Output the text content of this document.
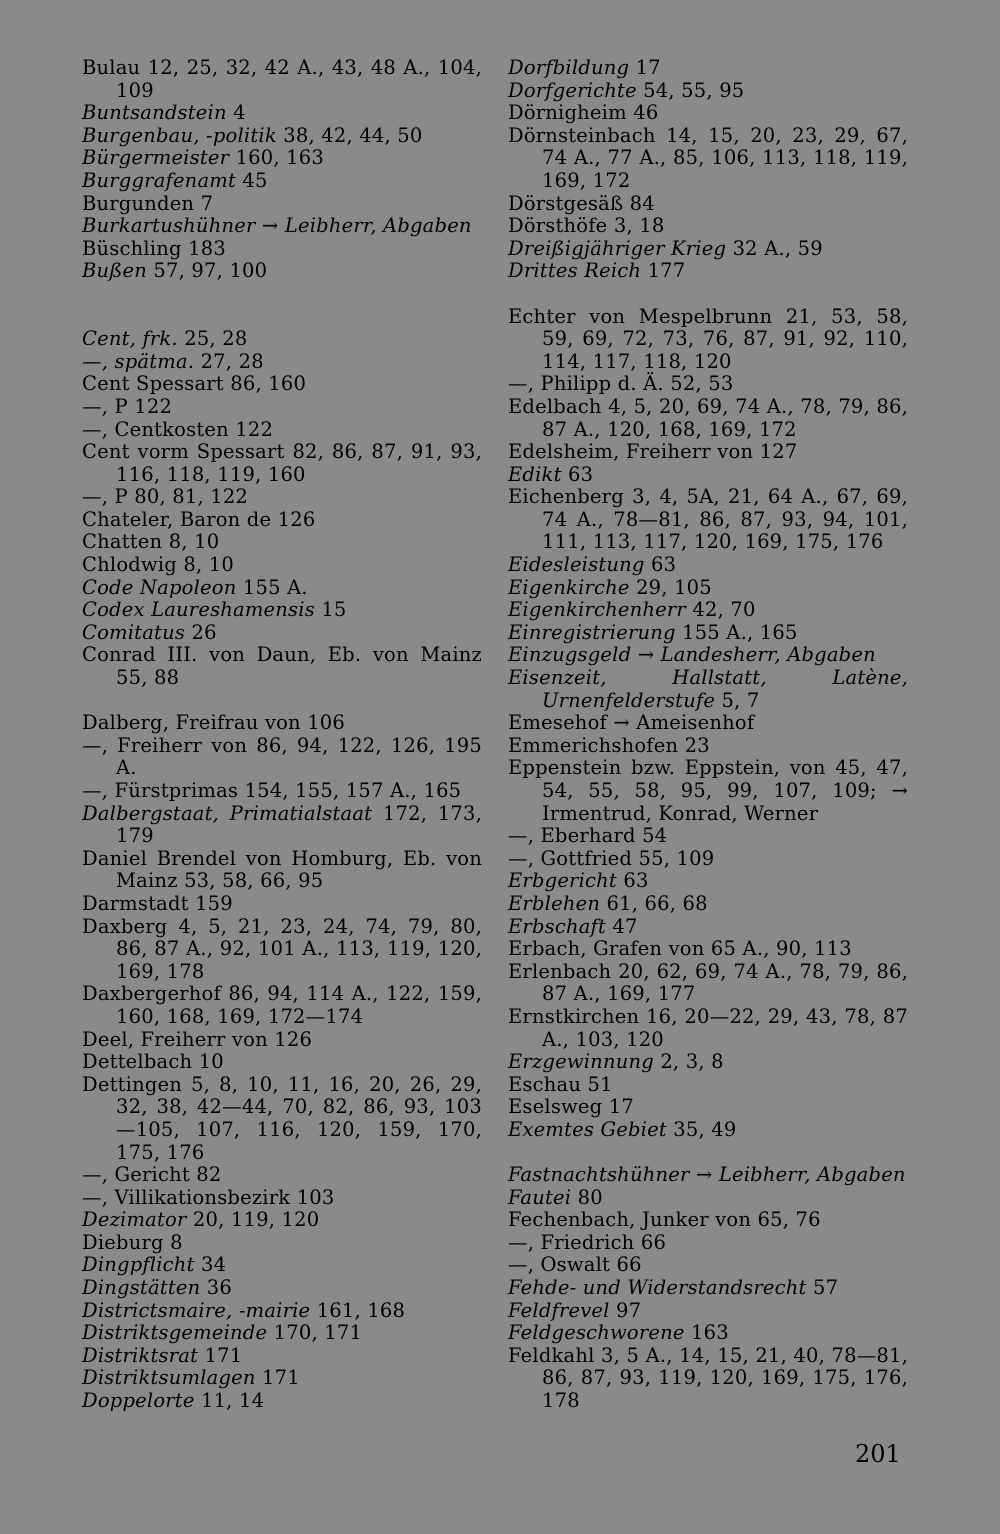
Bulau 12, 25, 32, 42 A., 43, 48 A., 104, 109
Buntsandstein 4
Burgenbau, -politik 38, 42, 44, 50
Bürgermeister 160, 163
Burggrafenamt 45
Burgunden 7
Burkartushühner → Leibherr, Abgaben
Büschling 183
Bußen 57, 97, 100
Cent, frk. 25, 28
—, spätma. 27, 28
Cent Spessart 86, 160
—, P 122
—, Centkosten 122
Cent vorm Spessart 82, 86, 87, 91, 93, 116, 118, 119, 160
—, P 80, 81, 122
Chateler, Baron de 126
Chatten 8, 10
Chlodwig 8, 10
Code Napoleon 155 A.
Codex Laureshamensis 15
Comitatus 26
Conrad III. von Daun, Eb. von Mainz 55, 88
Dalberg, Freifrau von 106
—, Freiherr von 86, 94, 122, 126, 195 A.
—, Fürstprimas 154, 155, 157 A., 165
Dalbergstaat, Primatialstaat 172, 173, 179
Daniel Brendel von Homburg, Eb. von Mainz 53, 58, 66, 95
Darmstadt 159
Daxberg 4, 5, 21, 23, 24, 74, 79, 80, 86, 87 A., 92, 101 A., 113, 119, 120, 169, 178
Daxbergerhof 86, 94, 114 A., 122, 159, 160, 168, 169, 172—174
Deel, Freiherr von 126
Dettelbach 10
Dettingen 5, 8, 10, 11, 16, 20, 26, 29, 32, 38, 42—44, 70, 82, 86, 93, 103—105, 107, 116, 120, 159, 170, 175, 176
—, Gericht 82
—, Villikationsbezirk 103
Dezimator 20, 119, 120
Dieburg 8
Dingpflicht 34
Dingstätten 36
Districtsmaire, -mairie 161, 168
Distriktsgemeinde 170, 171
Distriktsrat 171
Distriktsumlagen 171
Doppelorte 11, 14
Dorfbildung 17
Dorfgerichte 54, 55, 95
Dörnigheim 46
Dörnsteinbach 14, 15, 20, 23, 29, 67, 74 A., 77 A., 85, 106, 113, 118, 119, 169, 172
Dörstgesäß 84
Dörsthöfe 3, 18
Dreißigjähriger Krieg 32 A., 59
Drittes Reich 177
Echter von Mespelbrunn 21, 53, 58, 59, 69, 72, 73, 76, 87, 91, 92, 110, 114, 117, 118, 120
—, Philipp d. Ä. 52, 53
Edelbach 4, 5, 20, 69, 74 A., 78, 79, 86, 87 A., 120, 168, 169, 172
Edelsheim, Freiherr von 127
Edikt 63
Eichenberg 3, 4, 5A, 21, 64 A., 67, 69, 74 A., 78—81, 86, 87, 93, 94, 101, 111, 113, 117, 120, 169, 175, 176
Eidesleistung 63
Eigenkirche 29, 105
Eigenkirchenherr 42, 70
Einregistrierung 155 A., 165
Einzugsgeld → Landesherr, Abgaben
Eisenzeit, Hallstatt, Latène, Urnenfelderstufe 5, 7
Emesehof → Ameisenhof
Emmerichshofen 23
Eppenstein bzw. Eppstein, von 45, 47, 54, 55, 58, 95, 99, 107, 109; → Irmentrud, Konrad, Werner
—, Eberhard 54
—, Gottfried 55, 109
Erbgericht 63
Erblehen 61, 66, 68
Erbschaft 47
Erbach, Grafen von 65 A., 90, 113
Erlenbach 20, 62, 69, 74 A., 78, 79, 86, 87 A., 169, 177
Ernstkirchen 16, 20—22, 29, 43, 78, 87 A., 103, 120
Erzgewinnung 2, 3, 8
Eschau 51
Eselsweg 17
Exemtes Gebiet 35, 49
Fastnachtshühner → Leibherr, Abgaben
Fautei 80
Fechenbach, Junker von 65, 76
—, Friedrich 66
—, Oswalt 66
Fehde- und Widerstandsrecht 57
Feldfrevel 97
Feldgeschworene 163
Feldkahl 3, 5 A., 14, 15, 21, 40, 78—81, 86, 87, 93, 119, 120, 169, 175, 176, 178
201
